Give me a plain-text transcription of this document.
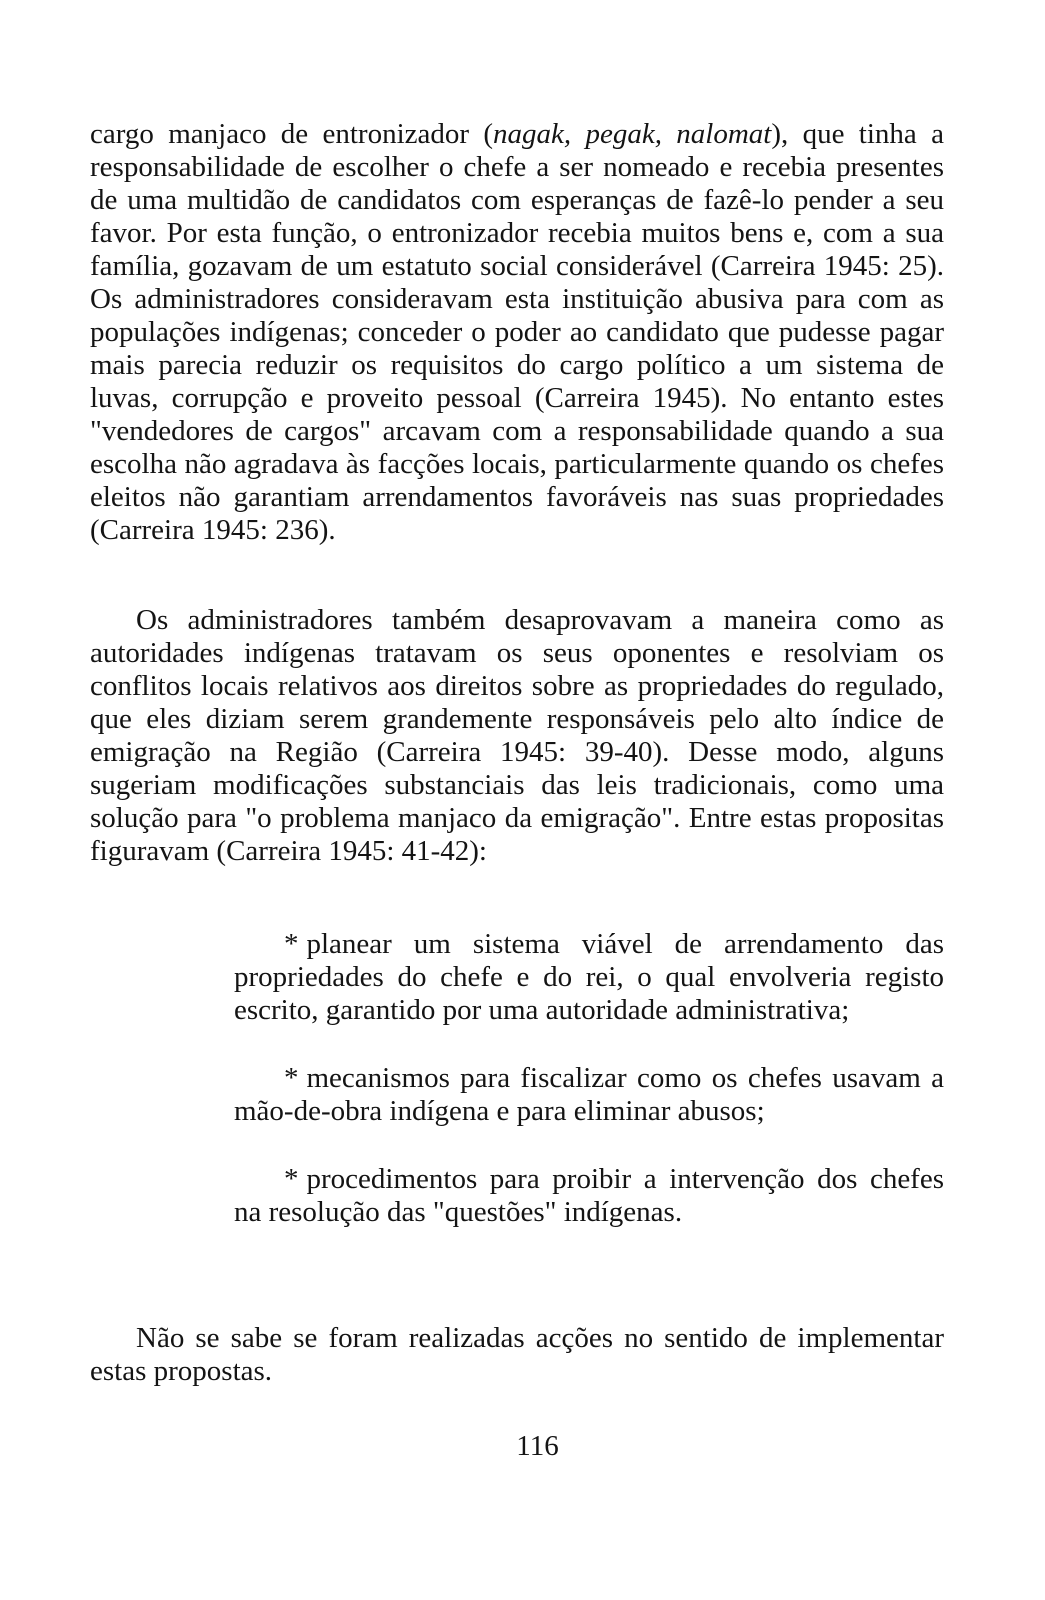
cargo manjaco de entronizador (nagak, pegak, nalomat), que tinha a responsabilidade de escolher o chefe a ser nomeado e recebia presentes de uma multidão de candidatos com esperanças de fazê-lo pender a seu favor. Por esta função, o entronizador recebia muitos bens e, com a sua família, gozavam de um estatuto social considerável (Carreira 1945: 25). Os administradores consideravam esta instituição abusiva para com as populações indígenas; conceder o poder ao candidato que pudesse pagar mais parecia reduzir os requisitos do cargo político a um sistema de luvas, corrupção e proveito pessoal (Carreira 1945). No entanto estes "vendedores de cargos" arcavam com a responsabilidade quando a sua escolha não agradava às facções locais, particularmente quando os chefes eleitos não garantiam arrendamentos favoráveis nas suas propriedades (Carreira 1945: 236).

Os administradores também desaprovavam a maneira como as autoridades indígenas tratavam os seus oponentes e resolviam os conflitos locais relativos aos direitos sobre as propriedades do regulado, que eles diziam serem grandemente responsáveis pelo alto índice de emigração na Região (Carreira 1945: 39-40). Desse modo, alguns sugeriam modificações substanciais das leis tradicionais, como uma solução para "o problema manjaco da emigração". Entre estas propositas figuravam (Carreira 1945: 41-42):

* planear um sistema viável de arrendamento das propriedades do chefe e do rei, o qual envolveria registo escrito, garantido por uma autoridade administrativa;
* mecanismos para fiscalizar como os chefes usavam a mão-de-obra indígena e para eliminar abusos;
* procedimentos para proibir a intervenção dos chefes na resolução das "questões" indígenas.

Não se sabe se foram realizadas acções no sentido de implementar estas propostas.

116
